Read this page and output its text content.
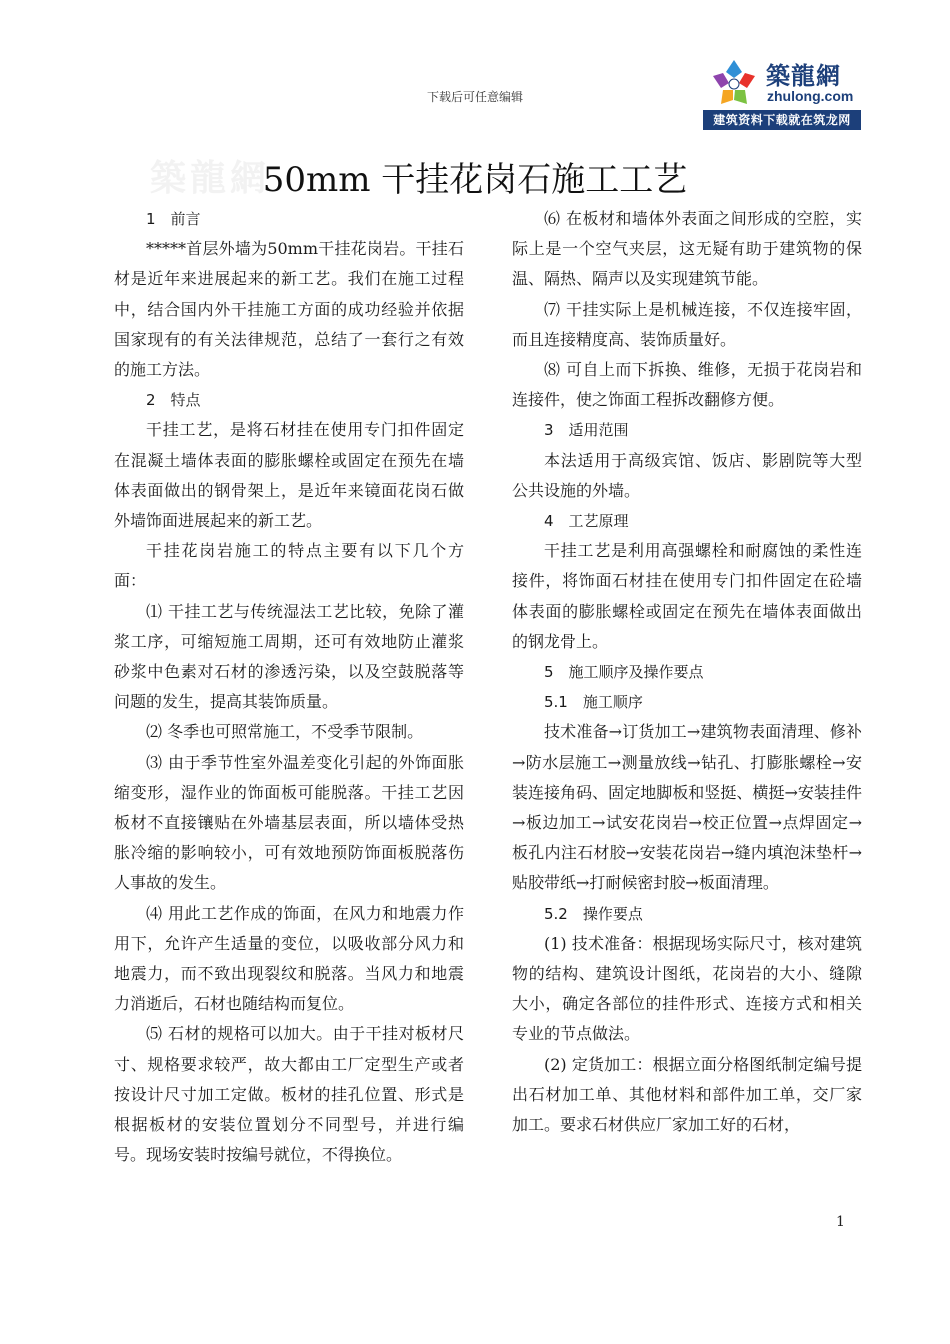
下载后可任意编辑
築龍網
zhulong.com
建筑资料下载就在筑龙网
築龍網
50mm 干挂花岗石施工工艺

1　前言

*****首层外墙为50mm干挂花岗岩。干挂石材是近年来进展起来的新工艺。我们在施工过程中，结合国内外干挂施工方面的成功经验并依据国家现有的有关法律规范，总结了一套行之有效的施工方法。

2　特点

干挂工艺，是将石材挂在使用专门扣件固定在混凝土墙体表面的膨胀螺栓或固定在预先在墙体表面做出的钢骨架上，是近年来镜面花岗石做外墙饰面进展起来的新工艺。

干挂花岗岩施工的特点主要有以下几个方面：

⑴ 干挂工艺与传统湿法工艺比较，免除了灌浆工序，可缩短施工周期，还可有效地防止灌浆砂浆中色素对石材的渗透污染，以及空鼓脱落等问题的发生，提高其装饰质量。

⑵ 冬季也可照常施工，不受季节限制。

⑶ 由于季节性室外温差变化引起的外饰面胀缩变形，湿作业的饰面板可能脱落。干挂工艺因板材不直接镶贴在外墙基层表面，所以墙体受热胀冷缩的影响较小，可有效地预防饰面板脱落伤人事故的发生。

⑷ 用此工艺作成的饰面，在风力和地震力作用下，允许产生适量的变位，以吸收部分风力和地震力，而不致出现裂纹和脱落。当风力和地震力消逝后，石材也随结构而复位。

⑸ 石材的规格可以加大。由于干挂对板材尺寸、规格要求较严，故大都由工厂定型生产或者按设计尺寸加工定做。板材的挂孔位置、形式是根据板材的安装位置划分不同型号，并进行编号。现场安装时按编号就位，不得换位。

⑹ 在板材和墙体外表面之间形成的空腔，实际上是一个空气夹层，这无疑有助于建筑物的保温、隔热、隔声以及实现建筑节能。

⑺ 干挂实际上是机械连接，不仅连接牢固，而且连接精度高、装饰质量好。

⑻ 可自上而下拆换、维修，无损于花岗岩和连接件，使之饰面工程拆改翻修方便。

3　适用范围

本法适用于高级宾馆、饭店、影剧院等大型公共设施的外墙。

4　工艺原理

干挂工艺是利用高强螺栓和耐腐蚀的柔性连接件，将饰面石材挂在使用专门扣件固定在砼墙体表面的膨胀螺栓或固定在预先在墙体表面做出的钢龙骨上。

5　施工顺序及操作要点

5.1　施工顺序

技术准备→订货加工→建筑物表面清理、修补→防水层施工→测量放线→钻孔、打膨胀螺栓→安装连接角码、固定地脚板和竖挺、横挺→安装挂件→板边加工→试安花岗岩→校正位置→点焊固定→板孔内注石材胶→安装花岗岩→缝内填泡沫垫杆→贴胶带纸→打耐候密封胶→板面清理。

5.2　操作要点

(1) 技术准备：根据现场实际尺寸，核对建筑物的结构、建筑设计图纸，花岗岩的大小、缝隙大小，确定各部位的挂件形式、连接方式和相关专业的节点做法。

(2) 定货加工：根据立面分格图纸制定编号提出石材加工单、其他材料和部件加工单，交厂家加工。要求石材供应厂家加工好的石材，

1
